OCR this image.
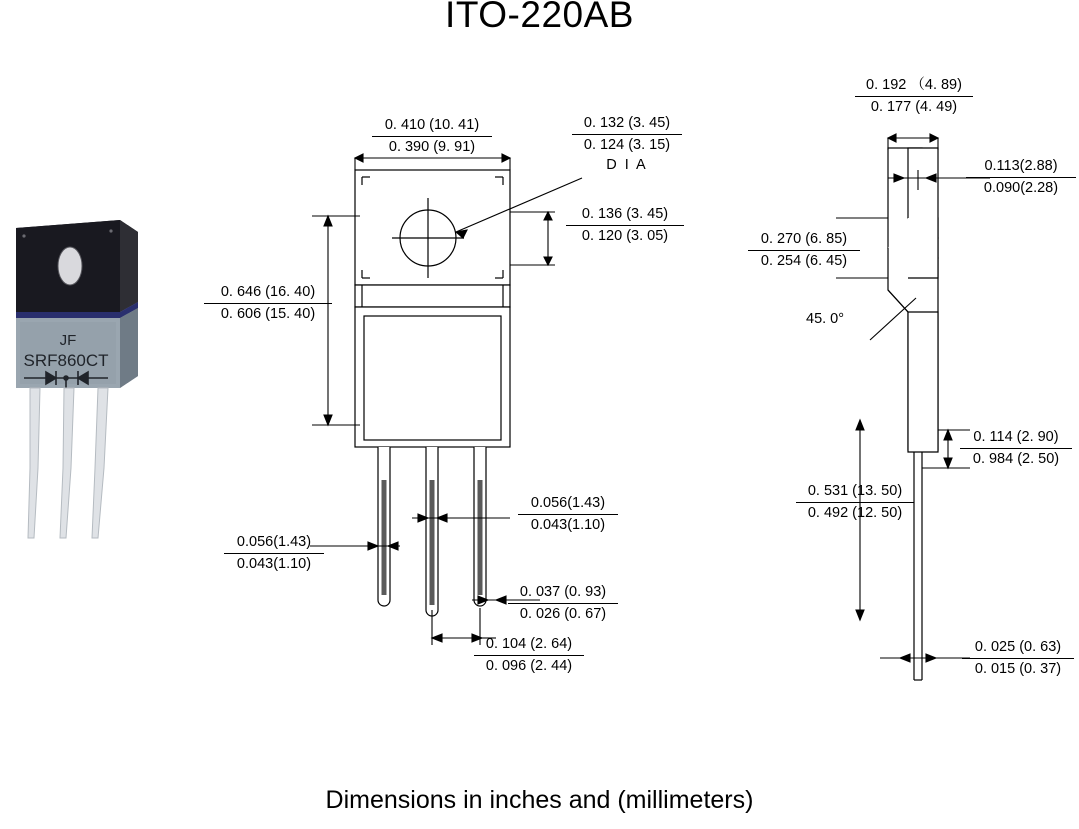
ITO-220AB
JF
SRF860CT
0. 410 (10. 41)
0. 390 (9. 91)
0. 132 (3. 45)
0. 124 (3. 15)
D I A
0. 136 (3. 45)
0. 120 (3. 05)
0. 646 (16. 40)
0. 606 (15. 40)
0.056(1.43)
0.043(1.10)
0.056(1.43)
0.043(1.10)
0. 037 (0. 93)
0. 026 (0. 67)
0. 104 (2. 64)
0. 096 (2. 44)
0. 192 （4. 89)
0. 177 (4. 49)
0.113(2.88)
0.090(2.28)
0. 270 (6. 85)
0. 254 (6. 45)
45. 0°
0. 114 (2. 90)
0. 984 (2. 50)
0. 531 (13. 50)
0. 492 (12. 50)
0. 025 (0. 63)
0. 015 (0. 37)
Dimensions in inches and (millimeters)
